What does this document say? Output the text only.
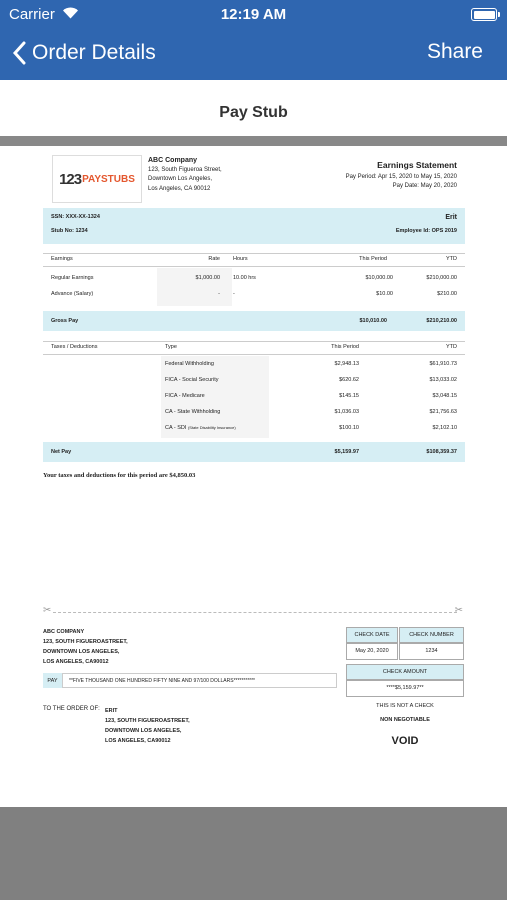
Carrier	12:19 AM
Order Details	Share
Pay Stub
123 PAYSTUBS
ABC Company
123, South Figueroa Street,
Downtown Los Angeles,
Los Angeles, CA 90012
Earnings Statement
Pay Period: Apr 15, 2020 to May 15, 2020
Pay Date: May 20, 2020
SSN: XXX-XX-1324
Stub No: 1234
Erit
Employee Id: OPS 2019
Earnings	Rate Hours	This Period	YTD
Regular Earnings	$1,000.00 10.00 hrs	$10,000.00	$210,000.00
Advance (Salary)	- -	$10.00	$210.00
Gross Pay	$10,010.00	$210,210.00
Taxes / Deductions	Type	This Period	YTD
Federal Withholding	$2,948.13	$61,910.73
FICA - Social Security	$620.62	$13,033.02
FICA - Medicare	$145.15	$3,048.15
CA - State Withholding	$1,036.03	$21,756.63
CA - SDI (State Disability Insurance)	$100.10	$2,102.10
Net Pay	$5,159.97	$108,359.37
Your taxes and deductions for this period are $4,850.03
✂	✂
ABC COMPANY
123, SOUTH FIGUEROASTREET,
DOWNTOWN LOS ANGELES,
LOS ANGELES, CA90012
CHECK DATE	CHECK NUMBER
May 20, 2020	1234
CHECK AMOUNT
****$5,159.97**
PAY	**FIVE THOUSAND ONE HUNDRED FIFTY NINE AND 97/100 DOLLARS***********
TO THE ORDER OF: ERIT
123, SOUTH FIGUEROASTREET,
DOWNTOWN LOS ANGELES,
LOS ANGELES, CA90012
THIS IS NOT A CHECK
NON NEGOTIABLE
VOID
